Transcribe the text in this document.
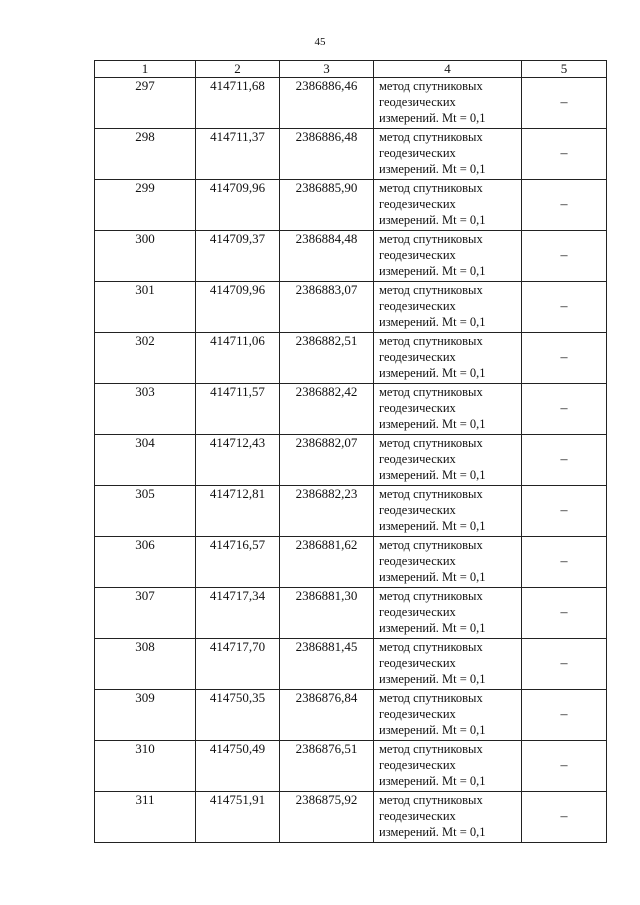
45
1	2	3	4	5
297	414711,68	2386886,46	метод спутниковых
геодезических
измерений. Mt = 0,1	–
298	414711,37	2386886,48	метод спутниковых
геодезических
измерений. Mt = 0,1	–
299	414709,96	2386885,90	метод спутниковых
геодезических
измерений. Mt = 0,1	–
300	414709,37	2386884,48	метод спутниковых
геодезических
измерений. Mt = 0,1	–
301	414709,96	2386883,07	метод спутниковых
геодезических
измерений. Mt = 0,1	–
302	414711,06	2386882,51	метод спутниковых
геодезических
измерений. Mt = 0,1	–
303	414711,57	2386882,42	метод спутниковых
геодезических
измерений. Mt = 0,1	–
304	414712,43	2386882,07	метод спутниковых
геодезических
измерений. Mt = 0,1	–
305	414712,81	2386882,23	метод спутниковых
геодезических
измерений. Mt = 0,1	–
306	414716,57	2386881,62	метод спутниковых
геодезических
измерений. Mt = 0,1	–
307	414717,34	2386881,30	метод спутниковых
геодезических
измерений. Mt = 0,1	–
308	414717,70	2386881,45	метод спутниковых
геодезических
измерений. Mt = 0,1	–
309	414750,35	2386876,84	метод спутниковых
геодезических
измерений. Mt = 0,1	–
310	414750,49	2386876,51	метод спутниковых
геодезических
измерений. Mt = 0,1	–
311	414751,91	2386875,92	метод спутниковых
геодезических
измерений. Mt = 0,1	–
